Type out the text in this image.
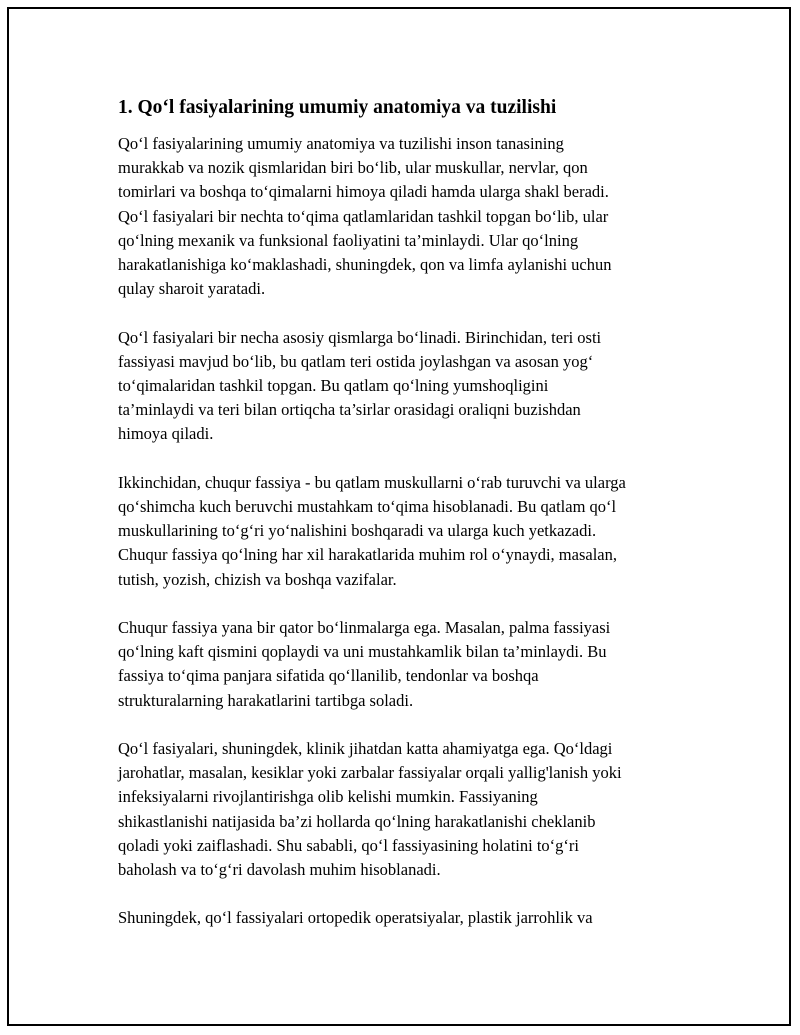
1. Qo‘l fasiyalarining umumiy anatomiya va tuzilishi

Qo‘l fasiyalarining umumiy anatomiya va tuzilishi inson tanasining
murakkab va nozik qismlaridan biri bo‘lib, ular muskullar, nervlar, qon
tomirlari va boshqa to‘qimalarni himoya qiladi hamda ularga shakl beradi.
Qo‘l fasiyalari bir nechta to‘qima qatlamlaridan tashkil topgan bo‘lib, ular
qo‘lning mexanik va funksional faoliyatini ta’minlaydi. Ular qo‘lning
harakatlanishiga ko‘maklashadi, shuningdek, qon va limfa aylanishi uchun
qulay sharoit yaratadi.

Qo‘l fasiyalari bir necha asosiy qismlarga bo‘linadi. Birinchidan, teri osti
fassiyasi mavjud bo‘lib, bu qatlam teri ostida joylashgan va asosan yog‘
to‘qimalaridan tashkil topgan. Bu qatlam qo‘lning yumshoqligini
ta’minlaydi va teri bilan ortiqcha ta’sirlar orasidagi oraliqni buzishdan
himoya qiladi.

Ikkinchidan, chuqur fassiya - bu qatlam muskullarni o‘rab turuvchi va ularga
qo‘shimcha kuch beruvchi mustahkam to‘qima hisoblanadi. Bu qatlam qo‘l
muskullarining to‘g‘ri yo‘nalishini boshqaradi va ularga kuch yetkazadi.
Chuqur fassiya qo‘lning har xil harakatlarida muhim rol o‘ynaydi, masalan,
tutish, yozish, chizish va boshqa vazifalar.

Chuqur fassiya yana bir qator bo‘linmalarga ega. Masalan, palma fassiyasi
qo‘lning kaft qismini qoplaydi va uni mustahkamlik bilan ta’minlaydi. Bu
fassiya to‘qima panjara sifatida qo‘llanilib, tendonlar va boshqa
strukturalarning harakatlarini tartibga soladi.

Qo‘l fasiyalari, shuningdek, klinik jihatdan katta ahamiyatga ega. Qo‘ldagi
jarohatlar, masalan, kesiklar yoki zarbalar fassiyalar orqali yallig'lanish yoki
infeksiyalarni rivojlantirishga olib kelishi mumkin. Fassiyaning
shikastlanishi natijasida ba’zi hollarda qo‘lning harakatlanishi cheklanib
qoladi yoki zaiflashadi. Shu sababli, qo‘l fassiyasining holatini to‘g‘ri
baholash va to‘g‘ri davolash muhim hisoblanadi.

Shuningdek, qo‘l fassiyalari ortopedik operatsiyalar, plastik jarrohlik va
